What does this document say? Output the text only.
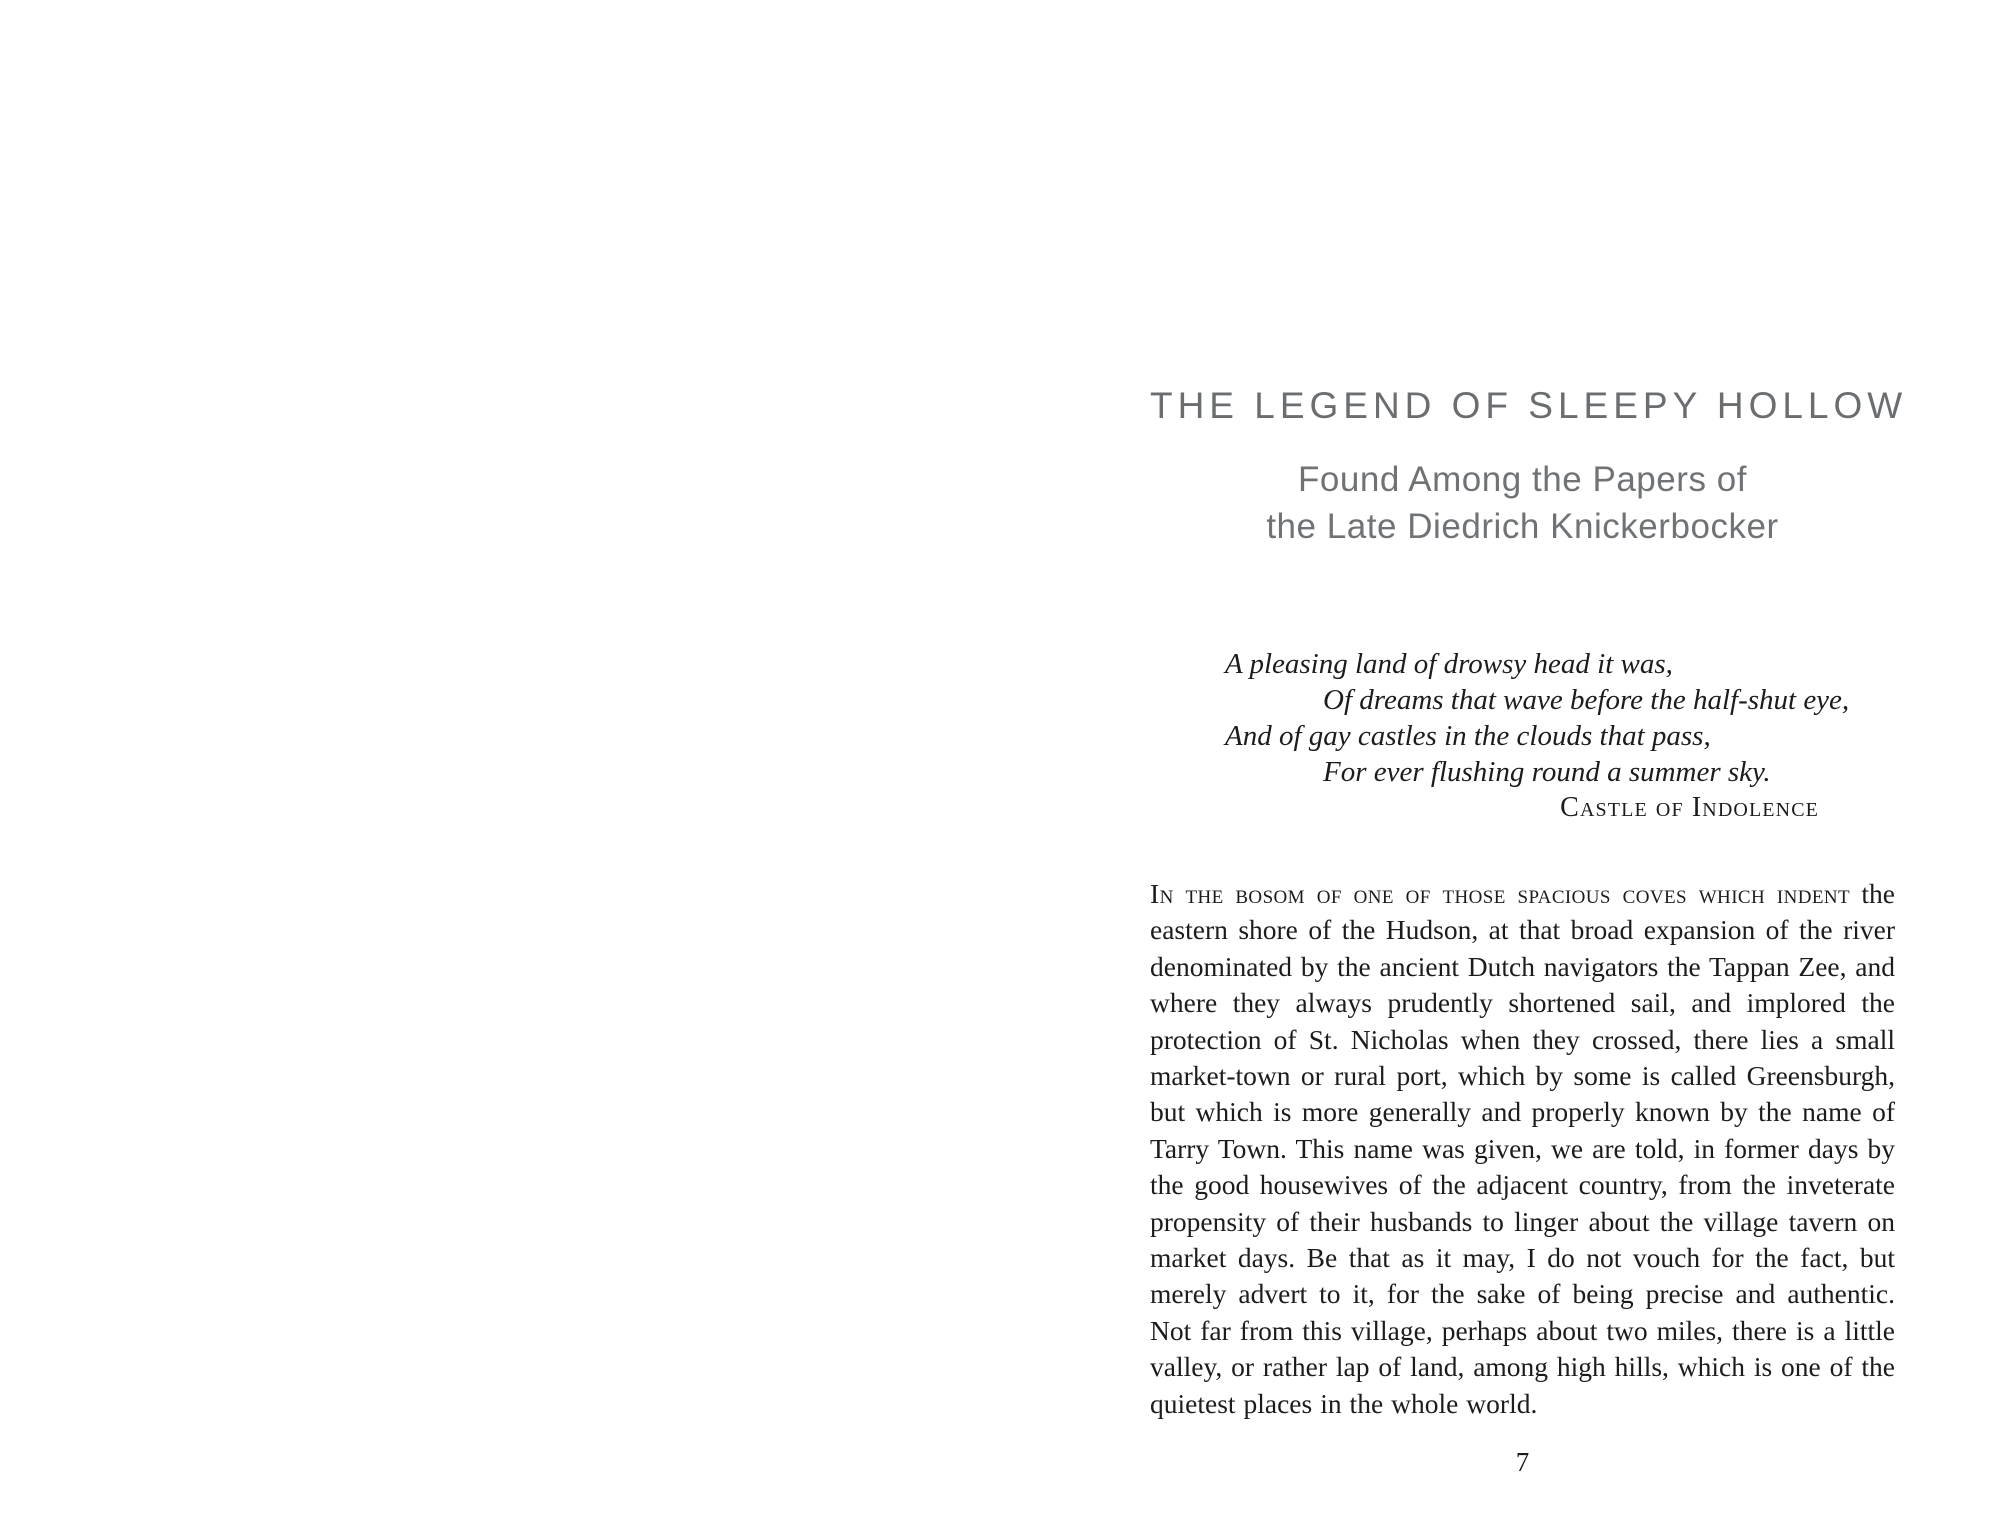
THE LEGEND OF SLEEPY HOLLOW
Found Among the Papers of
the Late Diedrich Knickerbocker
A pleasing land of drowsy head it was,
Of dreams that wave before the half-shut eye,
And of gay castles in the clouds that pass,
For ever flushing round a summer sky.
Castle of Indolence

In the bosom of one of those spacious coves which indent the eastern shore of the Hudson, at that broad expansion of the river denominated by the ancient Dutch navigators the Tappan Zee, and where they always prudently shortened sail, and implored the protection of St. Nicholas when they crossed, there lies a small market-town or rural port, which by some is called Greensburgh, but which is more generally and properly known by the name of Tarry Town. This name was given, we are told, in former days by the good housewives of the adjacent country, from the inveterate propensity of their husbands to linger about the village tavern on market days. Be that as it may, I do not vouch for the fact, but merely advert to it, for the sake of being precise and authentic. Not far from this village, perhaps about two miles, there is a little valley, or rather lap of land, among high hills, which is one of the quietest places in the whole world.

7
